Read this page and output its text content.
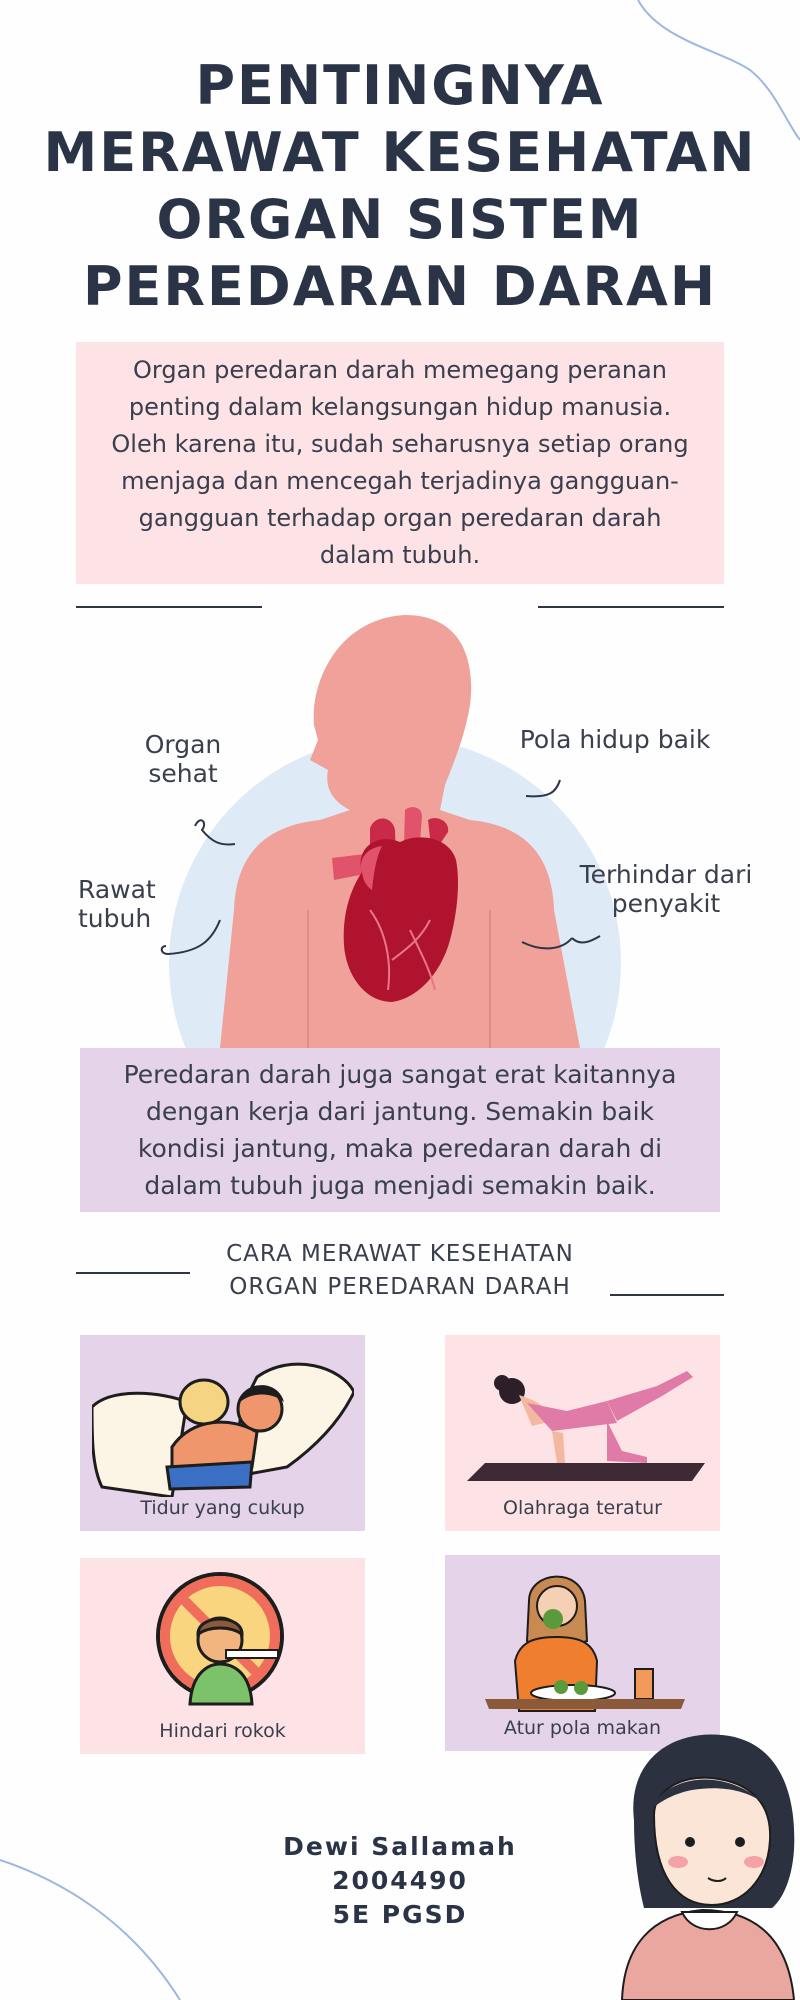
PENTINGNYA
MERAWAT KESEHATAN
ORGAN SISTEM
PEREDARAN DARAH

Organ peredaran darah memegang peranan penting dalam kelangsungan hidup manusia. Oleh karena itu, sudah seharusnya setiap orang menjaga dan mencegah terjadinya gangguan-gangguan terhadap organ peredaran darah dalam tubuh.

Organ
sehat
Pola hidup baik
Rawat
tubuh
Terhindar dari
penyakit

Peredaran darah juga sangat erat kaitannya dengan kerja dari jantung. Semakin baik kondisi jantung, maka peredaran darah di dalam tubuh juga menjadi semakin baik.

CARA MERAWAT KESEHATAN
ORGAN PEREDARAN DARAH
Tidur yang cukup	Olahraga teratur
Hindari rokok	Atur pola makan
Dewi Sallamah
2004490
5E PGSD
